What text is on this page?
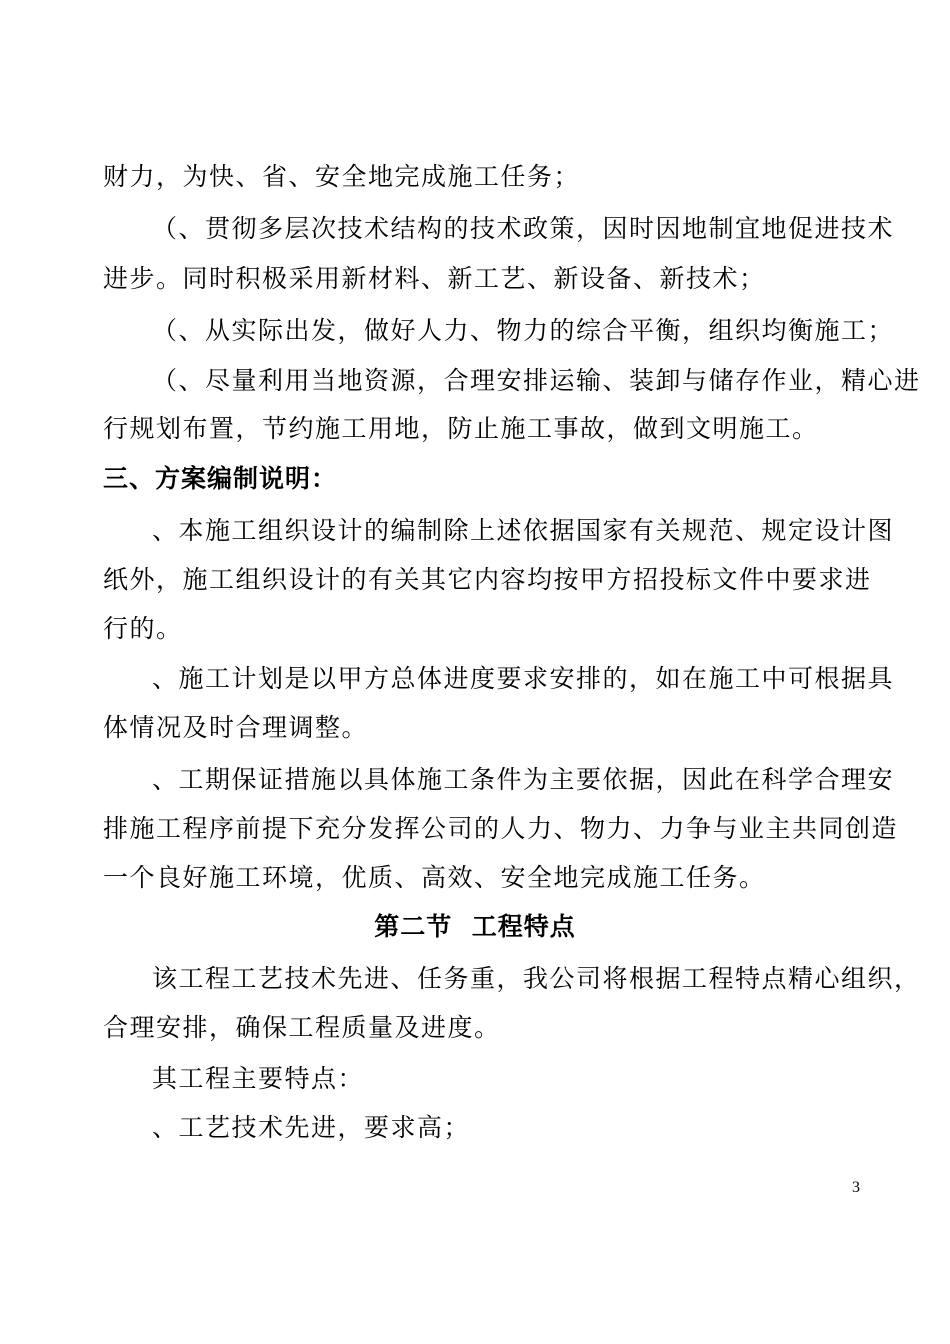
财力，为快、省、安全地完成施工任务；
（、贯彻多层次技术结构的技术政策，因时因地制宜地促进技术
进步。同时积极采用新材料、新工艺、新设备、新技术；
（、从实际出发，做好人力、物力的综合平衡，组织均衡施工；
（、尽量利用当地资源，合理安排运输、装卸与储存作业，精心进
行规划布置，节约施工用地，防止施工事故，做到文明施工。
三、方案编制说明：
、本施工组织设计的编制除上述依据国家有关规范、规定设计图
纸外，施工组织设计的有关其它内容均按甲方招投标文件中要求进
行的。
、施工计划是以甲方总体进度要求安排的，如在施工中可根据具
体情况及时合理调整。
、工期保证措施以具体施工条件为主要依据，因此在科学合理安
排施工程序前提下充分发挥公司的人力、物力、力争与业主共同创造
一个良好施工环境，优质、高效、安全地完成施工任务。
第二节  工程特点
该工程工艺技术先进、任务重，我公司将根据工程特点精心组织，
合理安排，确保工程质量及进度。
其工程主要特点：
、工艺技术先进，要求高；
3
